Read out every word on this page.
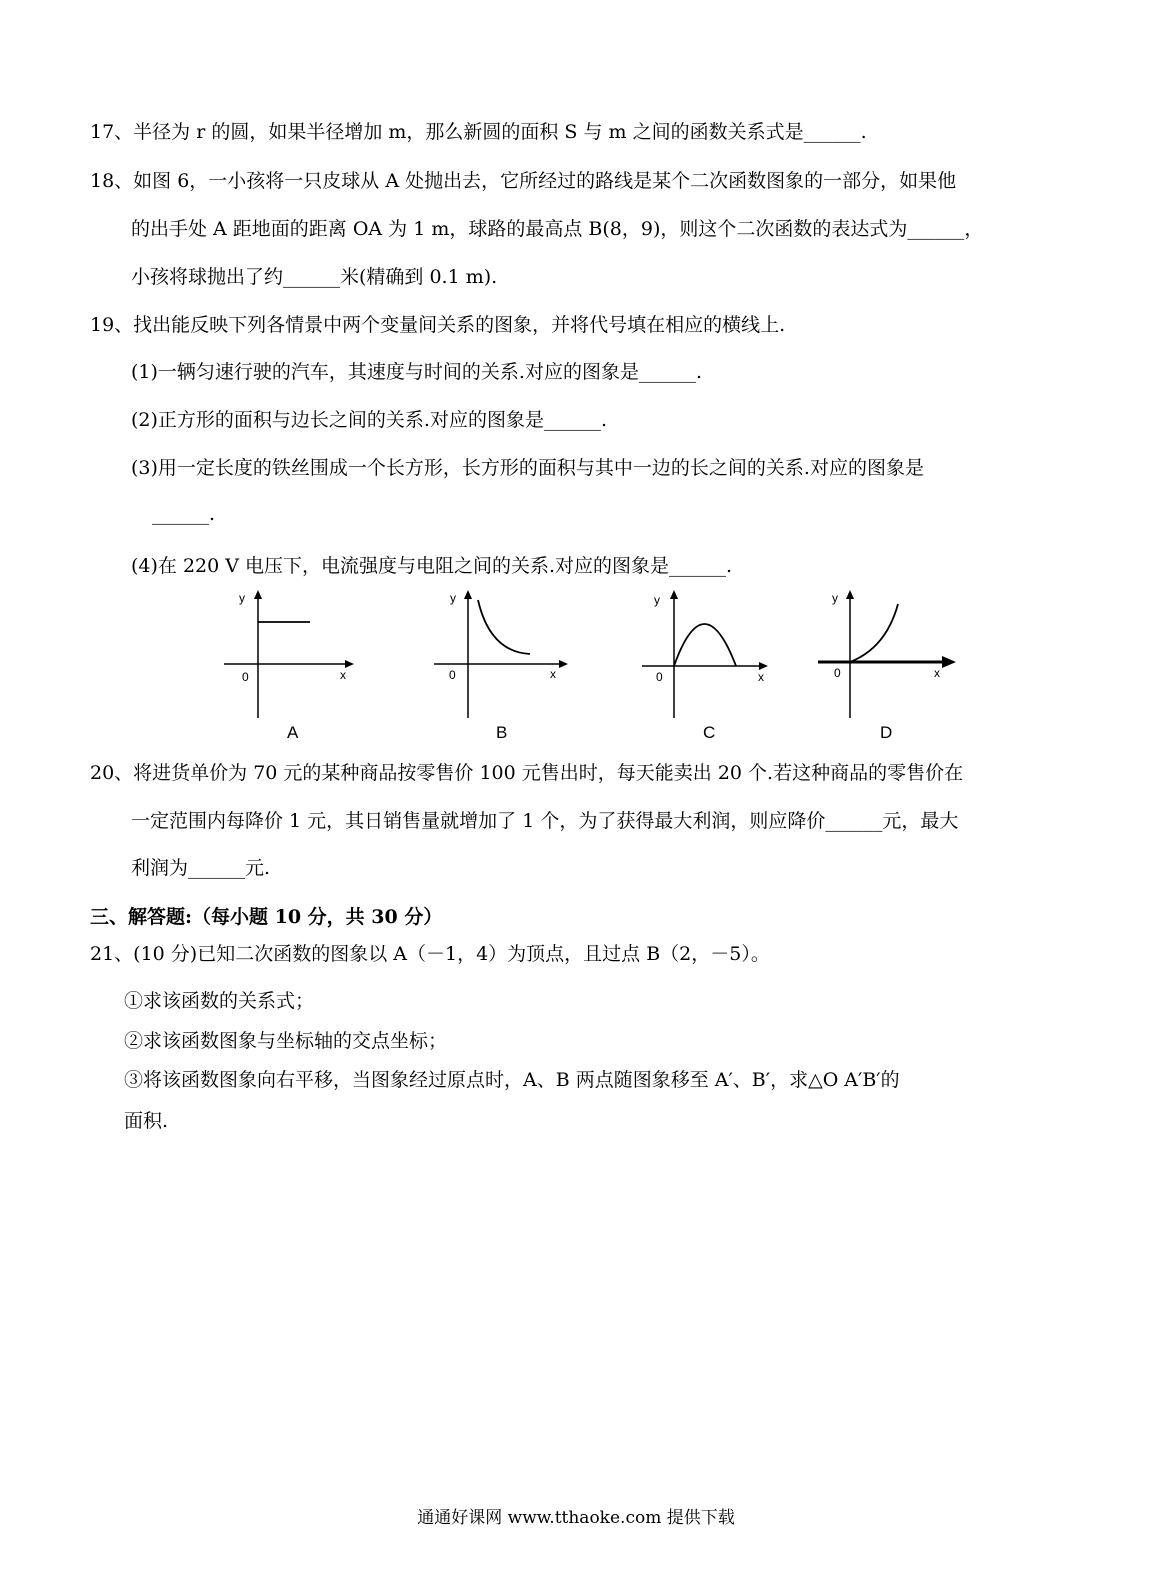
17、半径为 r 的圆，如果半径增加 m，那么新圆的面积 S 与 m 之间的函数关系式是______.
18、如图 6，一小孩将一只皮球从 A 处抛出去，它所经过的路线是某个二次函数图象的一部分，如果他
的出手处 A 距地面的距离 OA 为 1 m，球路的最高点 B(8，9)，则这个二次函数的表达式为______，
小孩将球抛出了约______米(精确到 0.1 m).
19、找出能反映下列各情景中两个变量间关系的图象，并将代号填在相应的横线上.
(1)一辆匀速行驶的汽车，其速度与时间的关系.对应的图象是______.
(2)正方形的面积与边长之间的关系.对应的图象是______.
(3)用一定长度的铁丝围成一个长方形，长方形的面积与其中一边的长之间的关系.对应的图象是
______.
(4)在 220 V 电压下，电流强度与电阻之间的关系.对应的图象是______.
y
x
0
y
x
0
y
x
0
y
x
0
A	B	C	D
20、将进货单价为 70 元的某种商品按零售价 100 元售出时，每天能卖出 20 个.若这种商品的零售价在
一定范围内每降价 1 元，其日销售量就增加了 1 个，为了获得最大利润，则应降价______元，最大
利润为______元.
三、解答题:（每小题 10 分，共 30 分）
21、(10 分)已知二次函数的图象以 A（－1，4）为顶点，且过点 B（2，－5）。
①求该函数的关系式；
②求该函数图象与坐标轴的交点坐标；
③将该函数图象向右平移，当图象经过原点时，A、B 两点随图象移至 A′、B′，求△O A′B′的
面积.
通通好课网 www.tthaoke.com 提供下载
